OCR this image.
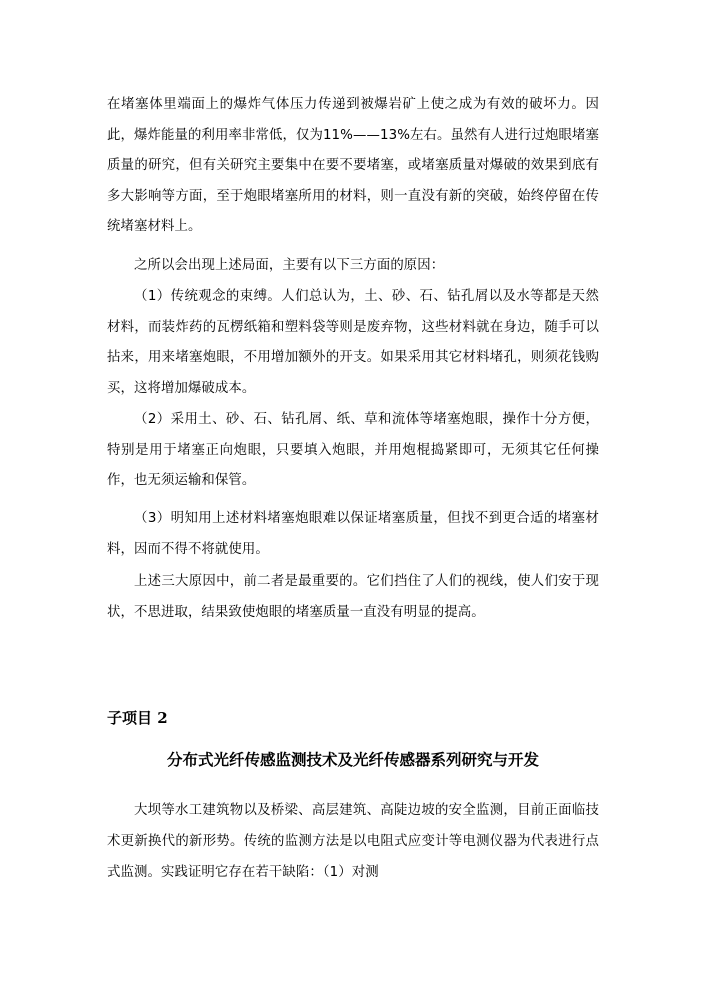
在堵塞体里端面上的爆炸气体压力传递到被爆岩矿上使之成为有效的破坏力。因此，爆炸能量的利用率非常低，仅为11%——13%左右。虽然有人进行过炮眼堵塞质量的研究，但有关研究主要集中在要不要堵塞，或堵塞质量对爆破的效果到底有多大影响等方面，至于炮眼堵塞所用的材料，则一直没有新的突破，始终停留在传统堵塞材料上。

之所以会出现上述局面，主要有以下三方面的原因：

（1）传统观念的束缚。人们总认为，土、砂、石、钻孔屑以及水等都是天然材料，而装炸药的瓦楞纸箱和塑料袋等则是废弃物，这些材料就在身边，随手可以拈来，用来堵塞炮眼，不用增加额外的开支。如果采用其它材料堵孔，则须花钱购买，这将增加爆破成本。

（2）采用土、砂、石、钻孔屑、纸、草和流体等堵塞炮眼，操作十分方便，特别是用于堵塞正向炮眼，只要填入炮眼，并用炮棍捣紧即可，无须其它任何操作，也无须运输和保管。

（3）明知用上述材料堵塞炮眼难以保证堵塞质量，但找不到更合适的堵塞材料，因而不得不将就使用。

上述三大原因中，前二者是最重要的。它们挡住了人们的视线，使人们安于现状，不思进取，结果致使炮眼的堵塞质量一直没有明显的提高。

子项目 2
分布式光纤传感监测技术及光纤传感器系列研究与开发

大坝等水工建筑物以及桥梁、高层建筑、高陡边坡的安全监测，目前正面临技术更新换代的新形势。传统的监测方法是以电阻式应变计等电测仪器为代表进行点式监测。实践证明它存在若干缺陷：（1）对测
